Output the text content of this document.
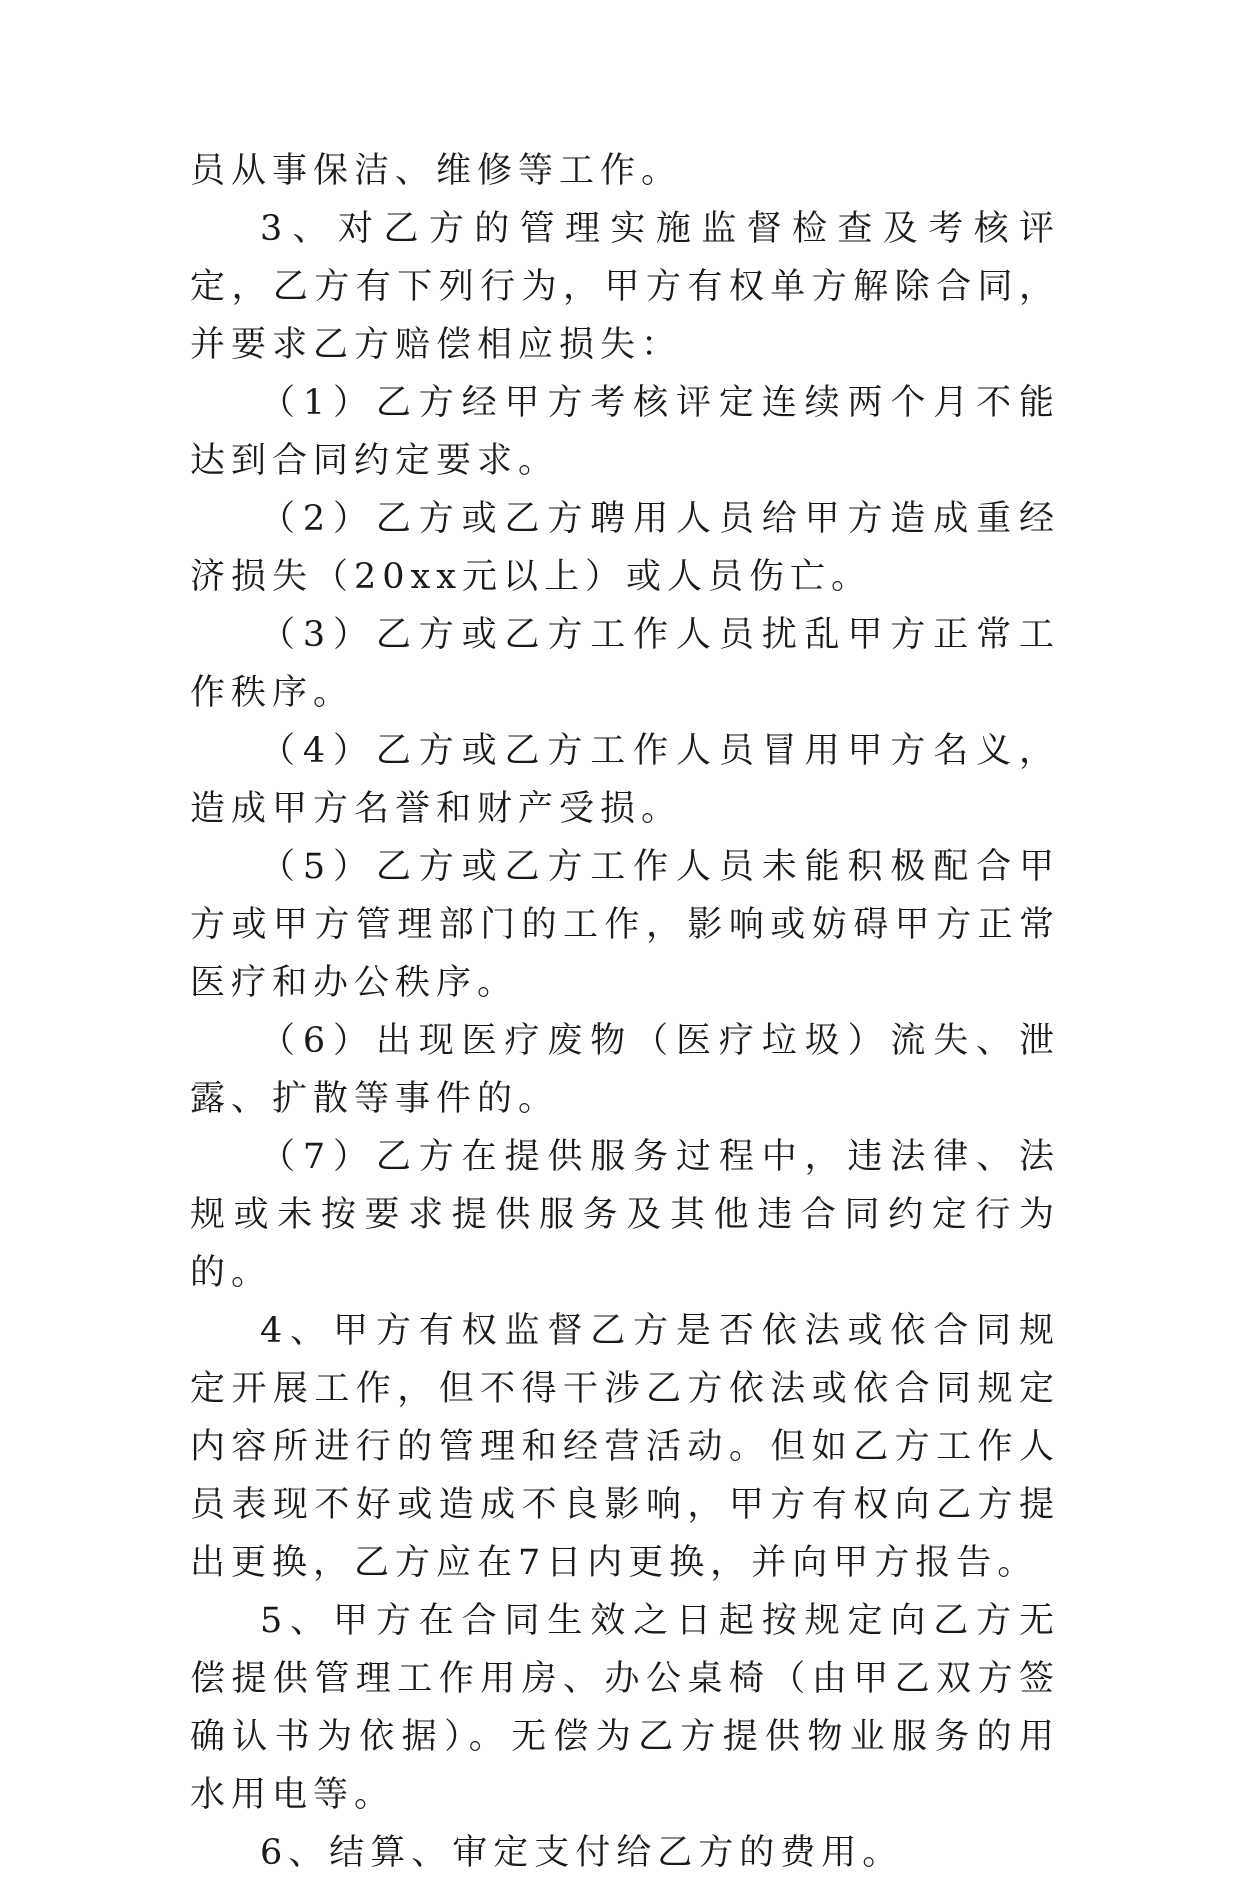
员从事保洁、维修等工作。

3、对乙方的管理实施监督检查及考核评定，乙方有下列行为，甲方有权单方解除合同，并要求乙方赔偿相应损失：

（1）乙方经甲方考核评定连续两个月不能达到合同约定要求。

（2）乙方或乙方聘用人员给甲方造成重经济损失（20xx元以上）或人员伤亡。

（3）乙方或乙方工作人员扰乱甲方正常工作秩序。

（4）乙方或乙方工作人员冒用甲方名义，造成甲方名誉和财产受损。

（5）乙方或乙方工作人员未能积极配合甲方或甲方管理部门的工作，影响或妨碍甲方正常医疗和办公秩序。

（6）出现医疗废物（医疗垃圾）流失、泄露、扩散等事件的。

（7）乙方在提供服务过程中，违法律、法规或未按要求提供服务及其他违合同约定行为的。

4、甲方有权监督乙方是否依法或依合同规定开展工作，但不得干涉乙方依法或依合同规定内容所进行的管理和经营活动。但如乙方工作人员表现不好或造成不良影响，甲方有权向乙方提出更换，乙方应在7日内更换，并向甲方报告。

5、甲方在合同生效之日起按规定向乙方无偿提供管理工作用房、办公桌椅（由甲乙双方签确认书为依据）。无偿为乙方提供物业服务的用水用电等。

6、结算、审定支付给乙方的费用。
